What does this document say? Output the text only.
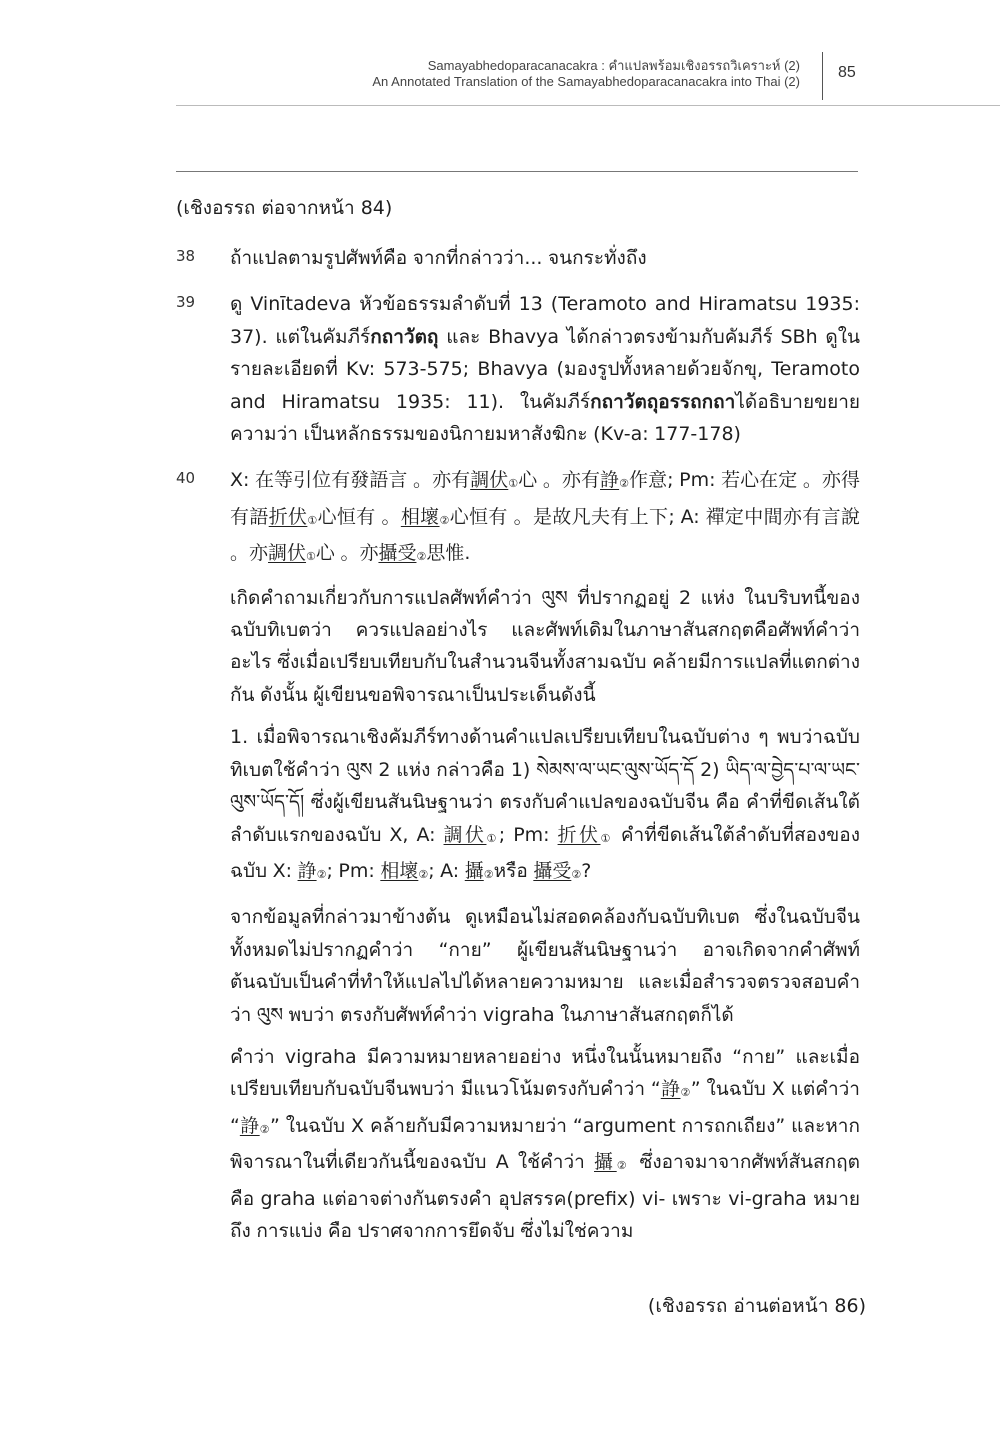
Samayabhedoparacanacakra : คำแปลพร้อมเชิงอรรถวิเคราะห์ (2)
An Annotated Translation of the Samayabhedoparacanacakra into Thai (2)
85
(เชิงอรรถ ต่อจากหน้า 84)
38 ถ้าแปลตามรูปศัพท์คือ จากที่กล่าวว่า... จนกระทั่งถึง

39 ดู Vinītadeva หัวข้อธรรมลำดับที่ 13 (Teramoto and Hiramatsu 1935: 37). แต่ในคัมภีร์กถาวัตถุ และ Bhavya ได้กล่าวตรงข้ามกับคัมภีร์ SBh ดูในรายละเอียดที่ Kv: 573-575; Bhavya (มองรูปทั้งหลายด้วยจักขุ, Teramoto and Hiramatsu 1935: 11). ในคัมภีร์กถาวัตถุอรรถกถาได้อธิบายขยายความว่า เป็นหลักธรรมของนิกายมหาสังฆิกะ (Kv-a: 177-178)

40 X: 在等引位有發語言 。亦有調伏$_①$心 。亦有諍$_②$作意; Pm: 若心在定 。亦得有語折伏$_①$心恒有 。相壞$_②$心恒有 。是故凡夫有上下; A: 禪定中間亦有言說 。亦調伏$_①$心 。亦攝受$_②$思惟.

เกิดคำถามเกี่ยวกับการแปลศัพท์คำว่า ལུས ที่ปรากฏอยู่ 2 แห่ง ในบริบทนี้ของฉบับทิเบตว่า ควรแปลอย่างไร และศัพท์เดิมในภาษาสันสกฤตคือศัพท์คำว่าอะไร ซึ่งเมื่อเปรียบเทียบกับในสำนวนจีนทั้งสามฉบับ คล้ายมีการแปลที่แตกต่างกัน ดังนั้น ผู้เขียนขอพิจารณาเป็นประเด็นดังนี้

1. เมื่อพิจารณาเชิงคัมภีร์ทางด้านคำแปลเปรียบเทียบในฉบับต่าง ๆ พบว่าฉบับทิเบตใช้คำว่า ལུས 2 แห่ง กล่าวคือ 1) སེམས་ལ་ཡང་ལུས་ཡོད་དོ 2) ཡིད་ལ་བྱེད་པ་ལ་ཡང་ལུས་ཡོད་དོ། ซึ่งผู้เขียนสันนิษฐานว่า ตรงกับคำแปลของฉบับจีน คือ คำที่ขีดเส้นใต้ลำดับแรกของฉบับ X, A: 調伏$_①$; Pm: 折伏$_①$ คำที่ขีดเส้นใต้ลำดับที่สองของฉบับ X: 諍$_②$; Pm: 相壞$_②$; A: 攝$_②$หรือ 攝受$_②$?

จากข้อมูลที่กล่าวมาข้างต้น ดูเหมือนไม่สอดคล้องกับฉบับทิเบต ซึ่งในฉบับจีนทั้งหมดไม่ปรากฏคำว่า “กาย” ผู้เขียนสันนิษฐานว่า อาจเกิดจากคำศัพท์ต้นฉบับเป็นคำที่ทำให้แปลไปได้หลายความหมาย และเมื่อสำรวจตรวจสอบคำว่า ལུས พบว่า ตรงกับศัพท์คำว่า vigraha ในภาษาสันสกฤตก็ได้

คำว่า vigraha มีความหมายหลายอย่าง หนึ่งในนั้นหมายถึง “กาย” และเมื่อเปรียบเทียบกับฉบับจีนพบว่า มีแนวโน้มตรงกับคำว่า “諍$_②$” ในฉบับ X แต่คำว่า “諍$_②$” ในฉบับ X คล้ายกับมีความหมายว่า “argument การถกเถียง” และหากพิจารณาในที่เดียวกันนี้ของฉบับ A ใช้คำว่า 攝$_②$ ซึ่งอาจมาจากศัพท์สันสกฤตคือ graha แต่อาจต่างกันตรงคำ อุปสรรค(prefix) vi- เพราะ vi-graha หมายถึง การแบ่ง คือ ปราศจากการยึดจับ ซึ่งไม่ใช่ความ

(เชิงอรรถ อ่านต่อหน้า 86)
